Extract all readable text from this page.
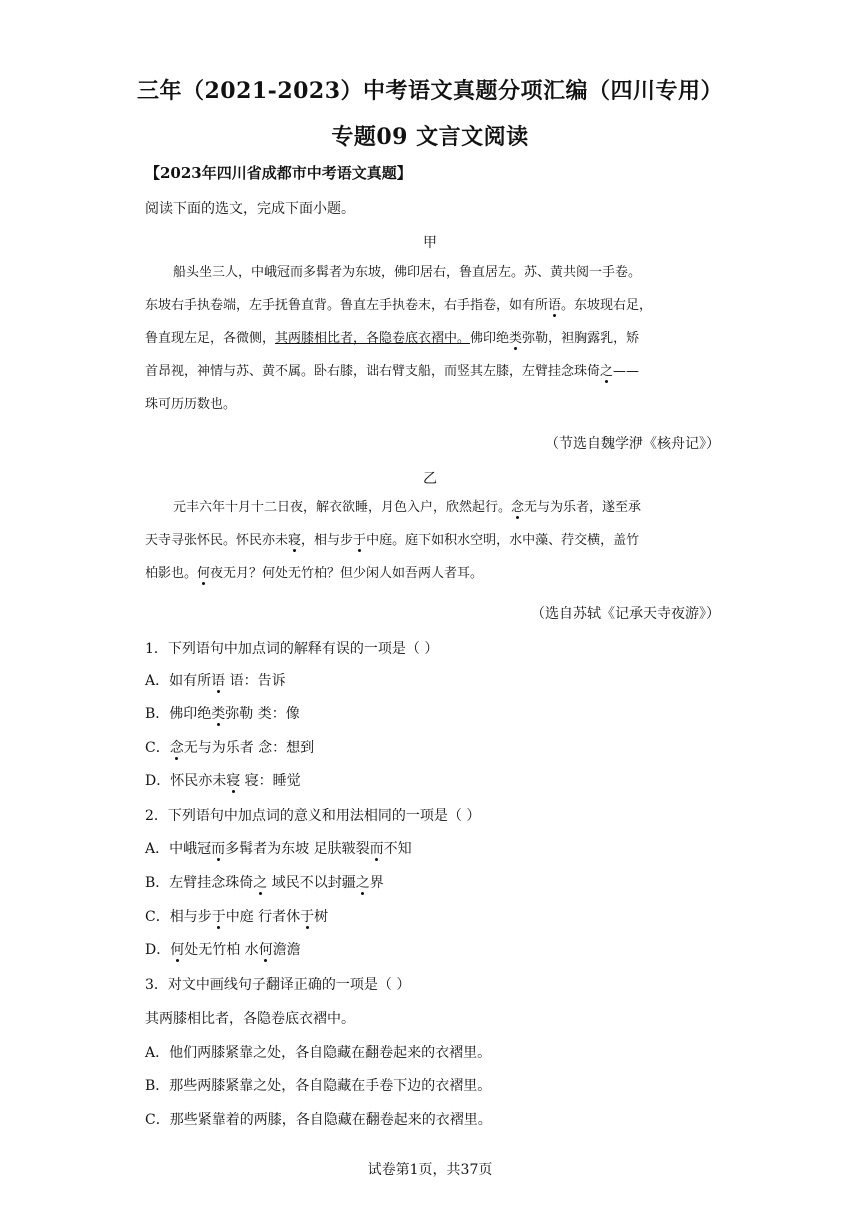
三年（2021-2023）中考语文真题分项汇编（四川专用）
专题09 文言文阅读
【2023年四川省成都市中考语文真题】
阅读下面的选文，完成下面小题。
甲
船头坐三人，中峨冠而多髯者为东坡，佛印居右，鲁直居左。苏、黄共阅一手卷。
东坡右手执卷端，左手抚鲁直背。鲁直左手执卷末，右手指卷，如有所语。东坡现右足，
鲁直现左足，各微侧，其两膝相比者，各隐卷底衣褶中。佛印绝类弥勒，袒胸露乳，矫
首昂视，神情与苏、黄不属。卧右膝，诎右臂支船，而竖其左膝，左臂挂念珠倚之——
珠可历历数也。
（节选自魏学洢《核舟记》）
乙
元丰六年十月十二日夜，解衣欲睡，月色入户，欣然起行。念无与为乐者，遂至承
天寺寻张怀民。怀民亦未寝，相与步于中庭。庭下如积水空明，水中藻、荇交横，盖竹
柏影也。何夜无月？何处无竹柏？但少闲人如吾两人者耳。
（选自苏轼《记承天寺夜游》）
1．下列语句中加点词的解释有误的一项是（ ）
A．如有所语 语：告诉
B．佛印绝类弥勒 类：像
C．念无与为乐者 念：想到
D．怀民亦未寝 寝：睡觉
2．下列语句中加点词的意义和用法相同的一项是（ ）
A．中峨冠而多髯者为东坡 足肤皲裂而不知
B．左臂挂念珠倚之 域民不以封疆之界
C．相与步于中庭 行者休于树
D．何处无竹柏 水何澹澹
3．对文中画线句子翻译正确的一项是（ ）
其两膝相比者，各隐卷底衣褶中。
A．他们两膝紧靠之处，各自隐藏在翻卷起来的衣褶里。
B．那些两膝紧靠之处，各自隐藏在手卷下边的衣褶里。
C．那些紧靠着的两膝，各自隐藏在翻卷起来的衣褶里。
试卷第1页，共37页
